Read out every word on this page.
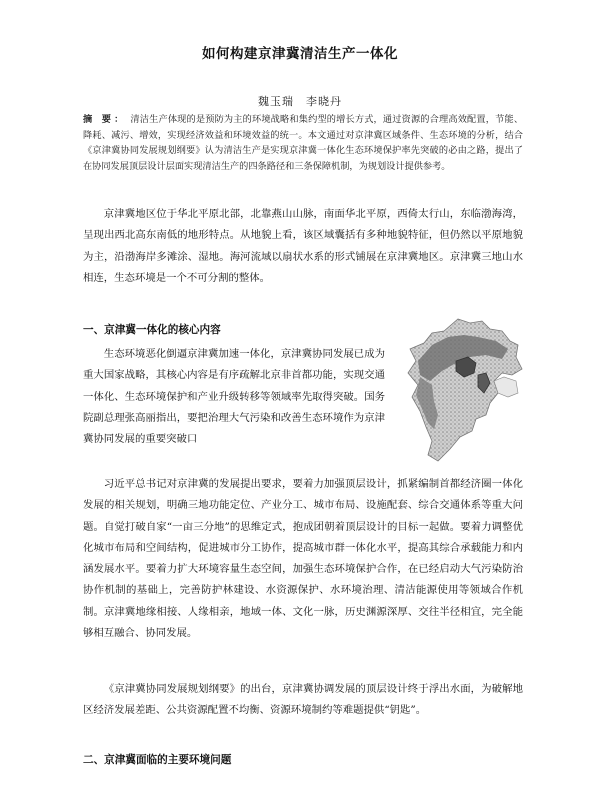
如何构建京津冀清洁生产一体化
魏玉瑞　李晓丹
摘 要： 清洁生产体现的是预防为主的环境战略和集约型的增长方式，通过资源的合理高效配置，节能、降耗、减污、增效，实现经济效益和环境效益的统一。本文通过对京津冀区域条件、生态环境的分析，结合《京津冀协同发展规划纲要》认为清洁生产是实现京津冀一体化生态环境保护率先突破的必由之路，提出了在协同发展顶层设计层面实现清洁生产的四条路径和三条保障机制，为规划设计提供参考。

京津冀地区位于华北平原北部，北靠燕山山脉，南面华北平原，西倚太行山，东临渤海湾，呈现出西北高东南低的地形特点。从地貌上看，该区域囊括有多种地貌特征，但仍然以平原地貌为主，沿渤海岸多滩涂、湿地。海河流域以扇状水系的形式铺展在京津冀地区。京津冀三地山水相连，生态环境是一个不可分割的整体。

一、京津冀一体化的核心内容

生态环境恶化倒逼京津冀加速一体化，京津冀协同发展已成为重大国家战略，其核心内容是有序疏解北京非首都功能，实现交通一体化、生态环境保护和产业升级转移等领域率先取得突破。国务院副总理张高丽指出，要把治理大气污染和改善生态环境作为京津冀协同发展的重要突破口

习近平总书记对京津冀的发展提出要求，要着力加强顶层设计，抓紧编制首都经济圈一体化发展的相关规划，明确三地功能定位、产业分工、城市布局、设施配套、综合交通体系等重大问题。自觉打破自家“一亩三分地”的思维定式，抱成团朝着顶层设计的目标一起做。要着力调整优化城市布局和空间结构，促进城市分工协作，提高城市群一体化水平，提高其综合承载能力和内涵发展水平。要着力扩大环境容量生态空间，加强生态环境保护合作，在已经启动大气污染防治协作机制的基础上，完善防护林建设、水资源保护、水环境治理、清洁能源使用等领域合作机制。京津冀地缘相接、人缘相亲，地域一体、文化一脉，历史渊源深厚、交往半径相宜，完全能够相互融合、协同发展。

《京津冀协同发展规划纲要》的出台，京津冀协调发展的顶层设计终于浮出水面，为破解地区经济发展差距、公共资源配置不均衡、资源环境制约等难题提供“钥匙”。

二、京津冀面临的主要环境问题
